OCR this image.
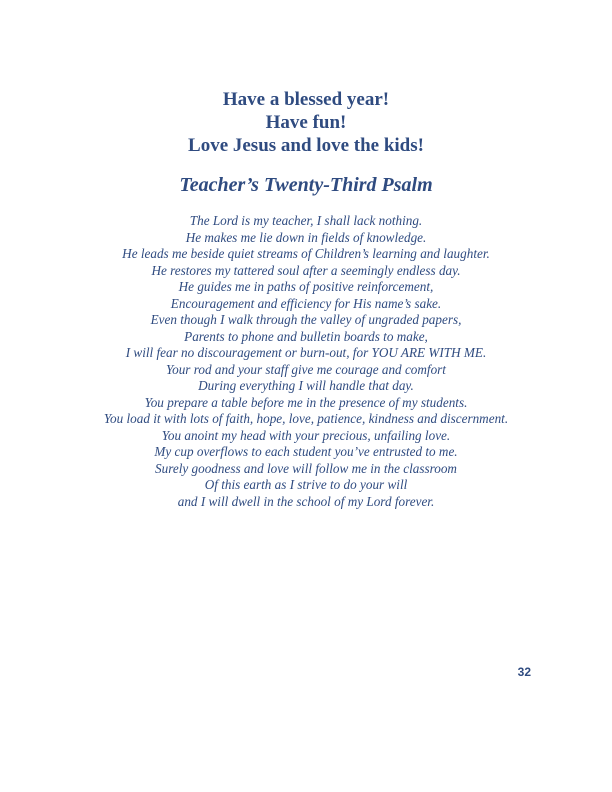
Have a blessed year!
Have fun!
Love Jesus and love the kids!
Teacher’s Twenty-Third Psalm
The Lord is my teacher, I shall lack nothing.
He makes me lie down in fields of knowledge.
He leads me beside quiet streams of Children’s learning and laughter.
He restores my tattered soul after a seemingly endless day.
He guides me in paths of positive reinforcement,
Encouragement and efficiency for His name’s sake.
Even though I walk through the valley of ungraded papers,
Parents to phone and bulletin boards to make,
I will fear no discouragement or burn-out, for YOU ARE WITH ME.
Your rod and your staff give me courage and comfort
During everything I will handle that day.
You prepare a table before me in the presence of my students.
You load it with lots of faith, hope, love, patience, kindness and discernment.
You anoint my head with your precious, unfailing love.
My cup overflows to each student you’ve entrusted to me.
Surely goodness and love will follow me in the classroom
Of this earth as I strive to do your will
and I will dwell in the school of my Lord forever.
32
